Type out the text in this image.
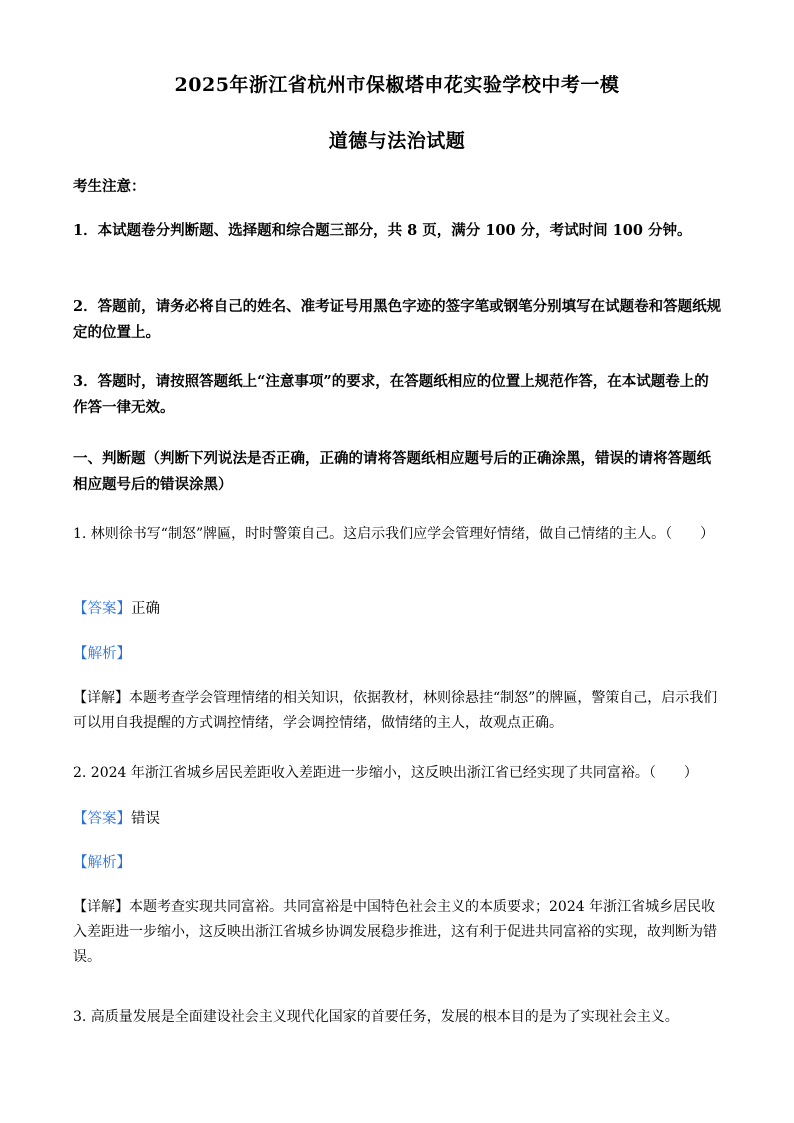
2025年浙江省杭州市保椒塔申花实验学校中考一模
道德与法治试题
考生注意：
1．本试题卷分判断题、选择题和综合题三部分，共 8 页，满分 100 分，考试时间 100 分钟。
2．答题前，请务必将自己的姓名、准考证号用黑色字迹的签字笔或钢笔分别填写在试题卷和答题纸规定的位置上。
3．答题时，请按照答题纸上“注意事项”的要求，在答题纸相应的位置上规范作答，在本试题卷上的作答一律无效。
一、判断题（判断下列说法是否正确，正确的请将答题纸相应题号后的正确涂黑，错误的请将答题纸相应题号后的错误涂黑）
1. 林则徐书写“制怒”牌匾，时时警策自己。这启示我们应学会管理好情绪，做自己情绪的主人。（　　）
【答案】正确
【解析】
【详解】本题考查学会管理情绪的相关知识，依据教材，林则徐悬挂“制怒”的牌匾，警策自己，启示我们可以用自我提醒的方式调控情绪，学会调控情绪，做情绪的主人，故观点正确。
2. 2024 年浙江省城乡居民差距收入差距进一步缩小，这反映出浙江省已经实现了共同富裕。（　　）
【答案】错误
【解析】
【详解】本题考查实现共同富裕。共同富裕是中国特色社会主义的本质要求；2024 年浙江省城乡居民收入差距进一步缩小，这反映出浙江省城乡协调发展稳步推进，这有利于促进共同富裕的实现，故判断为错误。
3. 高质量发展是全面建设社会主义现代化国家的首要任务，发展的根本目的是为了实现社会主义。
